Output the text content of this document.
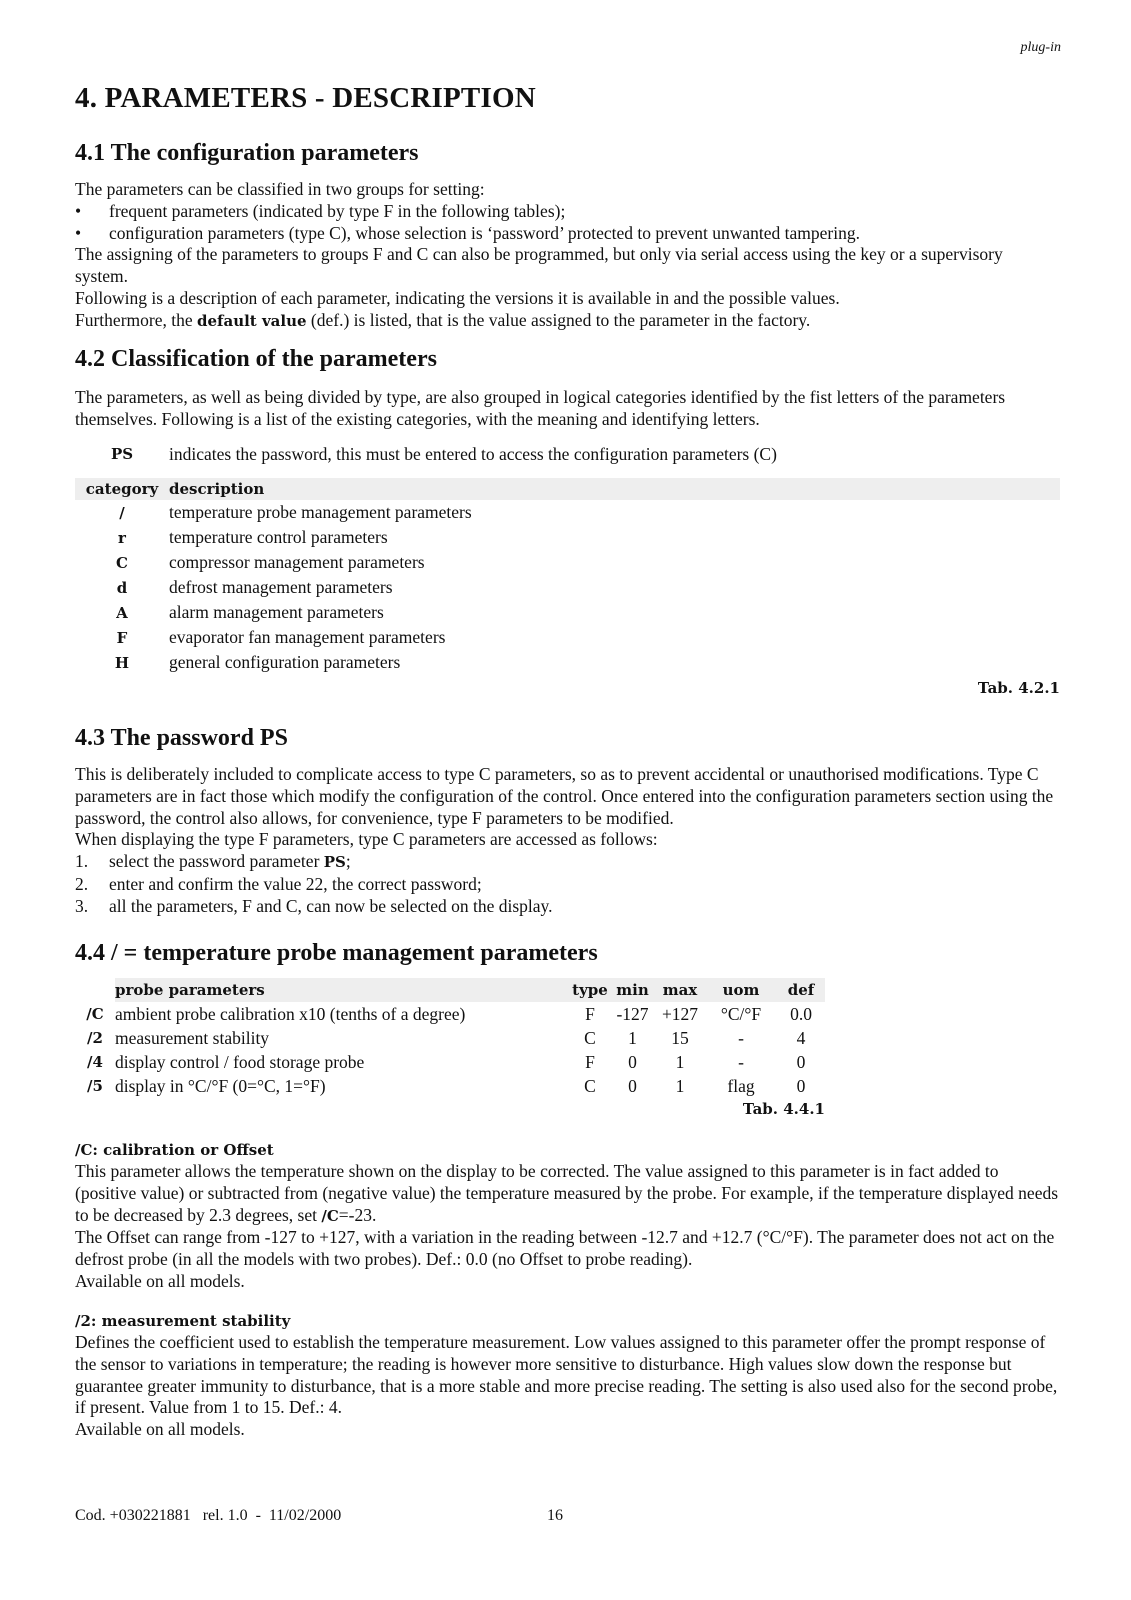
plug-in
4. PARAMETERS - DESCRIPTION
4.1 The configuration parameters

The parameters can be classified in two groups for setting:

•	frequent parameters (indicated by type F in the following tables);
•	configuration parameters (type C), whose selection is ‘password’ protected to prevent unwanted tampering.

The assigning of the parameters to groups F and C can also be programmed, but only via serial access using the key or a supervisory system.

Following is a description of each parameter, indicating the versions it is available in and the possible values.

Furthermore, the default value (def.) is listed, that is the value assigned to the parameter in the factory.

4.2 Classification of the parameters

The parameters, as well as being divided by type, are also grouped in logical categories identified by the fist letters of the parameters themselves. Following is a list of the existing categories, with the meaning and identifying letters.

PS	indicates the password, this must be entered to access the configuration parameters (C)
category	description
/	temperature probe management parameters
r	temperature control parameters
C	compressor management parameters
d	defrost management parameters
A	alarm management parameters
F	evaporator fan management parameters
H	general configuration parameters
Tab. 4.2.1
4.3 The password PS

This is deliberately included to complicate access to type C parameters, so as to prevent accidental or unauthorised modifications. Type C parameters are in fact those which modify the configuration of the control. Once entered into the configuration parameters section using the password, the control also allows, for convenience, type F parameters to be modified.

When displaying the type F parameters, type C parameters are accessed as follows:

1.	select the password parameter PS;
2.	enter and confirm the value 22, the correct password;
3.	all the parameters, F and C, can now be selected on the display.
4.4 / = temperature probe management parameters
	probe parameters	type	min	max	uom	def
/C	ambient probe calibration x10 (tenths of a degree)	F	-127	+127	°C/°F	0.0
/2	measurement stability	C	1	15	-	4
/4	display control / food storage probe	F	0	1	-	0
/5	display in °C/°F (0=°C, 1=°F)	C	0	1	flag	0
Tab. 4.4.1

/C: calibration or Offset

This parameter allows the temperature shown on the display to be corrected. The value assigned to this parameter is in fact added to (positive value) or subtracted from (negative value) the temperature measured by the probe. For example, if the temperature displayed needs to be decreased by 2.3 degrees, set /C=-23.

The Offset can range from -127 to +127, with a variation in the reading between -12.7 and +12.7 (°C/°F). The parameter does not act on the defrost probe (in all the models with two probes). Def.: 0.0 (no Offset to probe reading).

Available on all models.

/2: measurement stability

Defines the coefficient used to establish the temperature measurement. Low values assigned to this parameter offer the prompt response of the sensor to variations in temperature; the reading is however more sensitive to disturbance. High values slow down the response but guarantee greater immunity to disturbance, that is a more stable and more precise reading. The setting is also used also for the second probe, if present. Value from 1 to 15. Def.: 4.

Available on all models.

Cod. +030221881   rel. 1.0  -  11/02/2000	16
